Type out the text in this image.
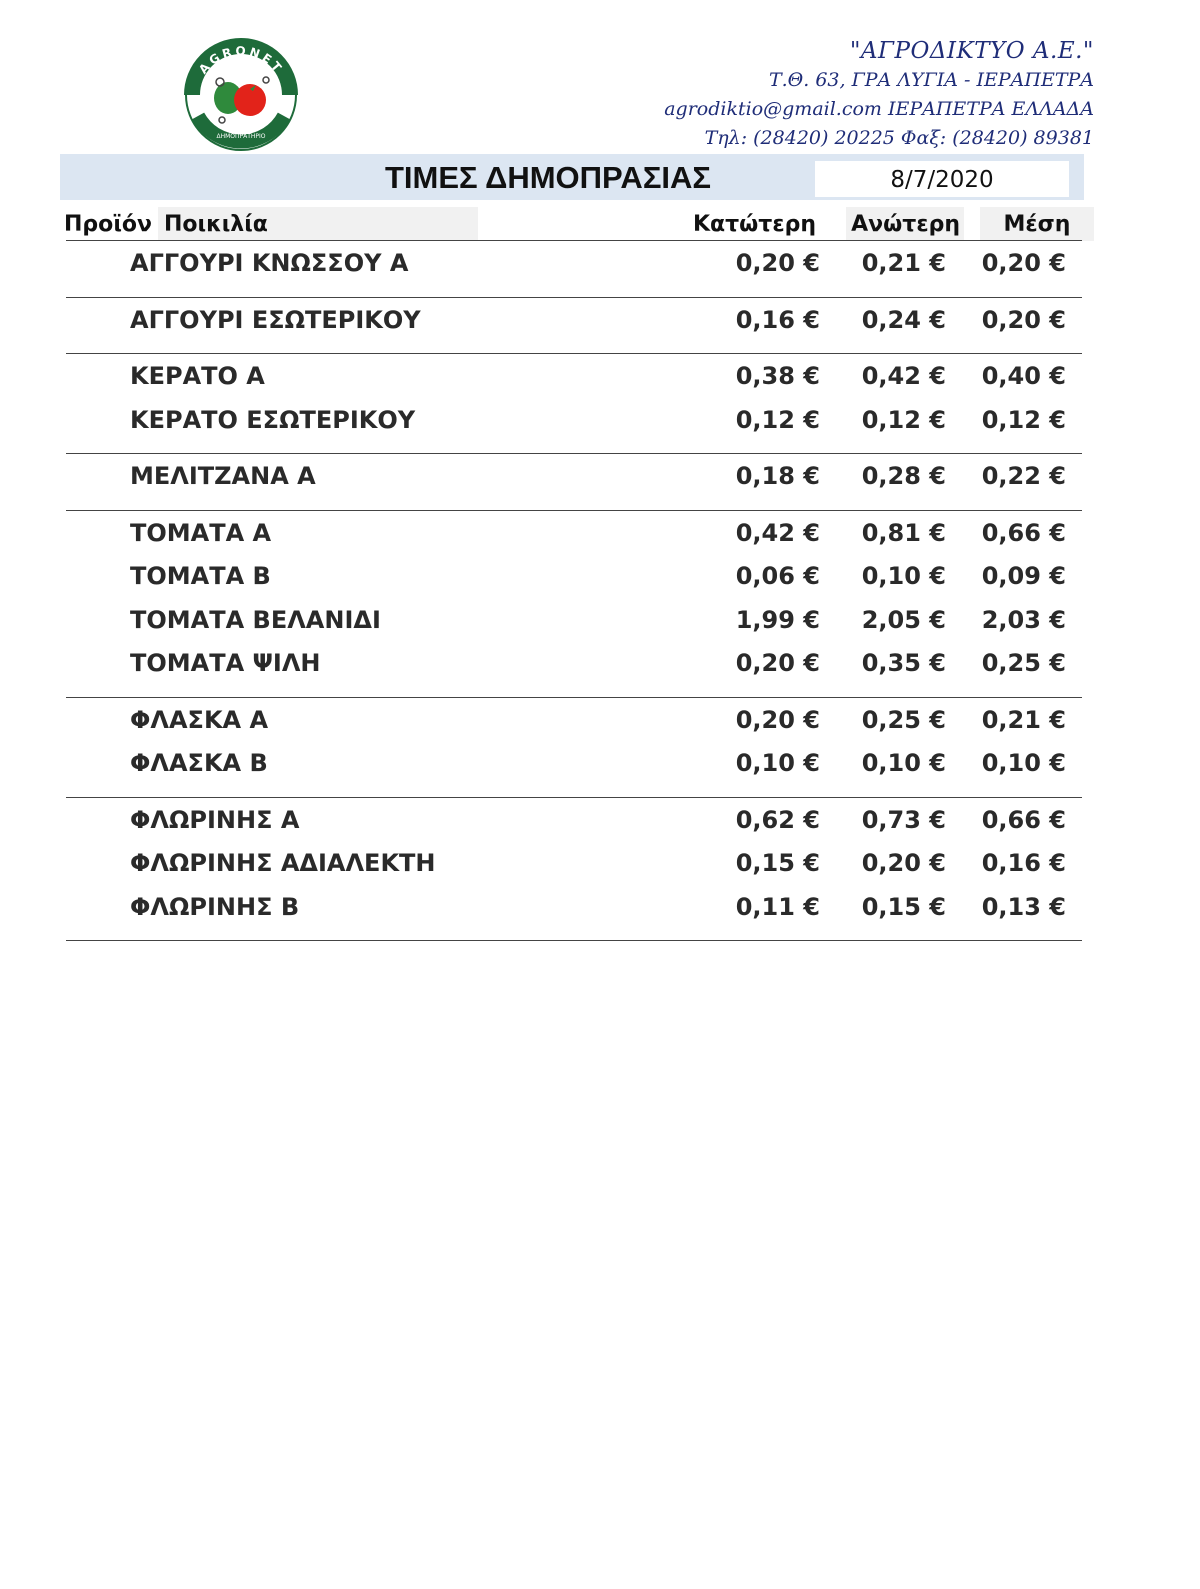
AGRONET
ΔΗΜΟΠΡΑΤΗΡΙΟ
"ΑΓΡΟΔΙΚΤΥΟ Α.Ε."
Τ.Θ. 63, ΓΡΑ ΛΥΓΙΑ - ΙΕΡΑΠΕΤΡΑ
agrodiktio@gmail.com ΙΕΡΑΠΕΤΡΑ ΕΛΛΑΔΑ
Τηλ: (28420) 20225 Φαξ: (28420) 89381
ΤΙΜΕΣ ΔΗΜΟΠΡΑΣΙΑΣ	8/7/2020
Προϊόν Ποικιλία	Κατώτερη Ανώτερη	Μέση
ΑΓΓΟΥΡΙ ΚΝΩΣΣΟΥ Α	0,20 € 0,21 € 0,20 €
ΑΓΓΟΥΡΙ ΕΣΩΤΕΡΙΚΟΥ	0,16 € 0,24 € 0,20 €
ΚΕΡΑΤΟ Α	0,38 € 0,42 € 0,40 €
ΚΕΡΑΤΟ ΕΣΩΤΕΡΙΚΟΥ	0,12 € 0,12 € 0,12 €
ΜΕΛΙΤΖΑΝΑ Α	0,18 € 0,28 € 0,22 €
ΤΟΜΑΤΑ Α	0,42 € 0,81 € 0,66 €
ΤΟΜΑΤΑ Β	0,06 € 0,10 € 0,09 €
ΤΟΜΑΤΑ ΒΕΛΑΝΙΔΙ	1,99 € 2,05 € 2,03 €
ΤΟΜΑΤΑ ΨΙΛΗ	0,20 € 0,35 € 0,25 €
ΦΛΑΣΚΑ Α	0,20 € 0,25 € 0,21 €
ΦΛΑΣΚΑ Β	0,10 € 0,10 € 0,10 €
ΦΛΩΡΙΝΗΣ Α	0,62 € 0,73 € 0,66 €
ΦΛΩΡΙΝΗΣ ΑΔΙΑΛΕΚΤΗ	0,15 € 0,20 € 0,16 €
ΦΛΩΡΙΝΗΣ Β	0,11 € 0,15 € 0,13 €
